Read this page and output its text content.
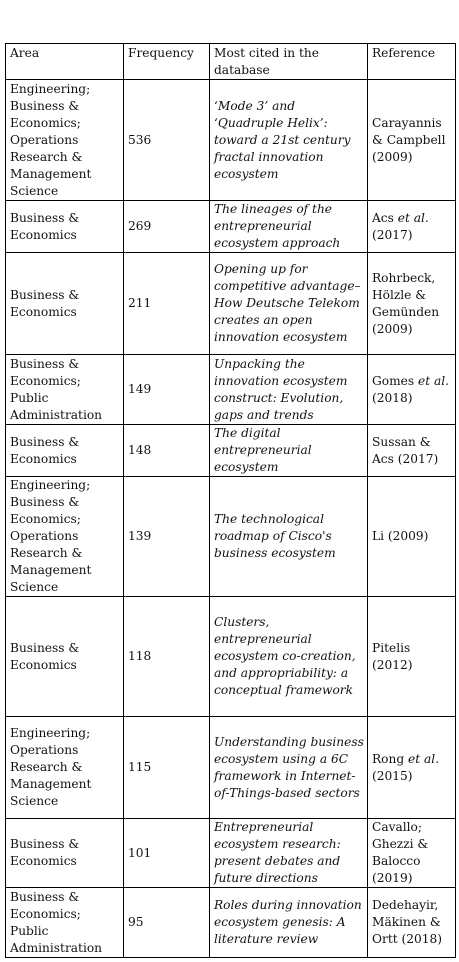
Area	Frequency	Most cited in the database	Reference
Engineering; Business & Economics; Operations Research & Management Science	536	‘Mode 3’ and ‘Quadruple Helix’: toward a 21st century fractal innovation ecosystem	Carayannis & Campbell (2009)
Business & Economics	269	The lineages of the entrepreneurial ecosystem approach	Acs et al. (2017)
Business & Economics	211	Opening up for competitive advantage–How Deutsche Telekom creates an open innovation ecosystem	Rohrbeck, Hölzle & Gemünden (2009)
Business & Economics; Public Administration	149	Unpacking the innovation ecosystem construct: Evolution, gaps and trends	Gomes et al. (2018)
Business & Economics	148	The digital entrepreneurial ecosystem	Sussan & Acs (2017)
Engineering; Business & Economics; Operations Research & Management Science	139	The technological roadmap of Cisco's business ecosystem	Li (2009)
Business & Economics	118	Clusters, entrepreneurial ecosystem co-creation, and appropriability: a conceptual framework	Pitelis (2012)
Engineering; Operations Research & Management Science	115	Understanding business ecosystem using a 6C framework in Internet-of-Things-based sectors	Rong et al. (2015)
Business & Economics	101	Entrepreneurial ecosystem research: present debates and future directions	Cavallo; Ghezzi & Balocco (2019)
Business & Economics; Public Administration	95	Roles during innovation ecosystem genesis: A literature review	Dedehayir, Mäkinen & Ortt (2018)
